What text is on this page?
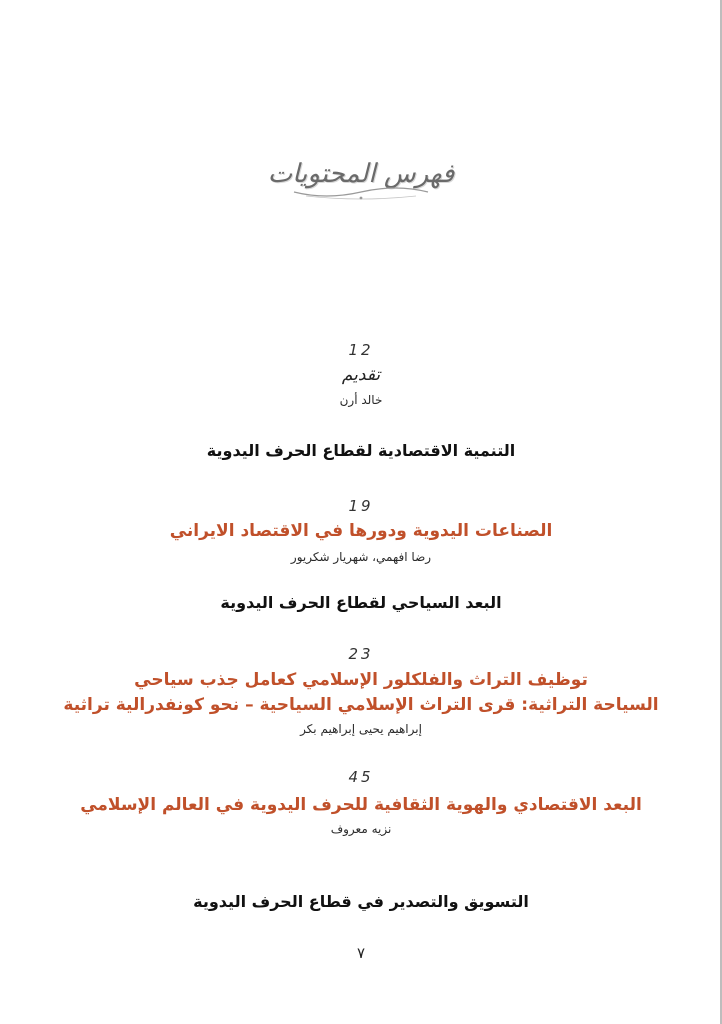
فهرس المحتويات
12
تقديم
خالد أرن
التنمية الاقتصادية لقطاع الحرف اليدوية
19
الصناعات اليدوية ودورها في الاقتصاد الايراني
رضا افهمي، شهريار شكريور
البعد السياحي لقطاع الحرف اليدوية
23
توظيف التراث والفلكلور الإسلامي كعامل جذب سياحي
السياحة التراثية: قرى التراث الإسلامي السياحية – نحو كونفدرالية تراثية
إبراهيم يحيى إبراهيم بكر
45
البعد الاقتصادي والهوية الثقافية للحرف اليدوية في العالم الإسلامي
نزيه معروف
التسويق والتصدير في قطاع الحرف اليدوية
٧
